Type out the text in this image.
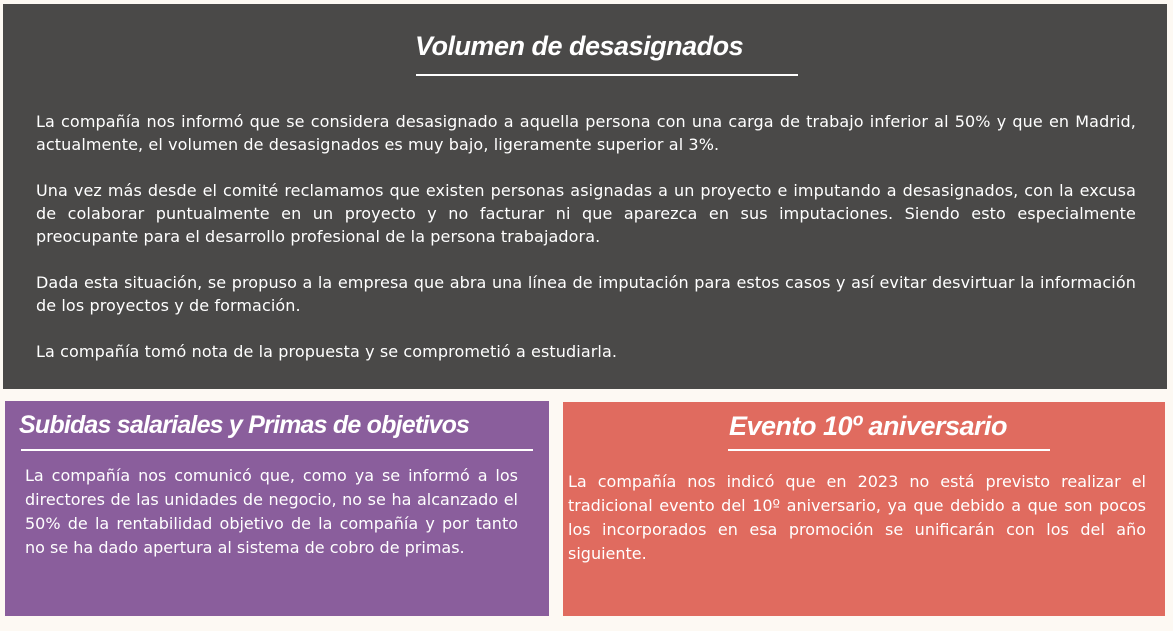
Volumen de desasignados

La compañía nos informó que se considera desasignado a aquella persona con una carga de trabajo inferior al 50% y que en Madrid, actualmente, el volumen de desasignados es muy bajo, ligeramente superior al 3%.

Una vez más desde el comité reclamamos que existen personas asignadas a un proyecto e imputando a desasignados, con la excusa de colaborar puntualmente en un proyecto y no facturar ni que aparezca en sus imputaciones. Siendo esto especialmente preocupante para el desarrollo profesional de la persona trabajadora.

Dada esta situación, se propuso a la empresa que abra una línea de imputación para estos casos y así evitar desvirtuar la información de los proyectos y de formación.

La compañía tomó nota de la propuesta y se comprometió a estudiarla.

Subidas salariales y Primas de objetivos

La compañía nos comunicó que, como ya se informó a los directores de las unidades de negocio, no se ha alcanzado el 50% de la rentabilidad objetivo de la compañía y por tanto no se ha dado apertura al sistema de cobro de primas.

Evento 10º aniversario

La compañía nos indicó que en 2023 no está previsto realizar el tradicional evento del 10º aniversario, ya que debido a que son pocos los incorporados en esa promoción se unificarán con los del año siguiente.
